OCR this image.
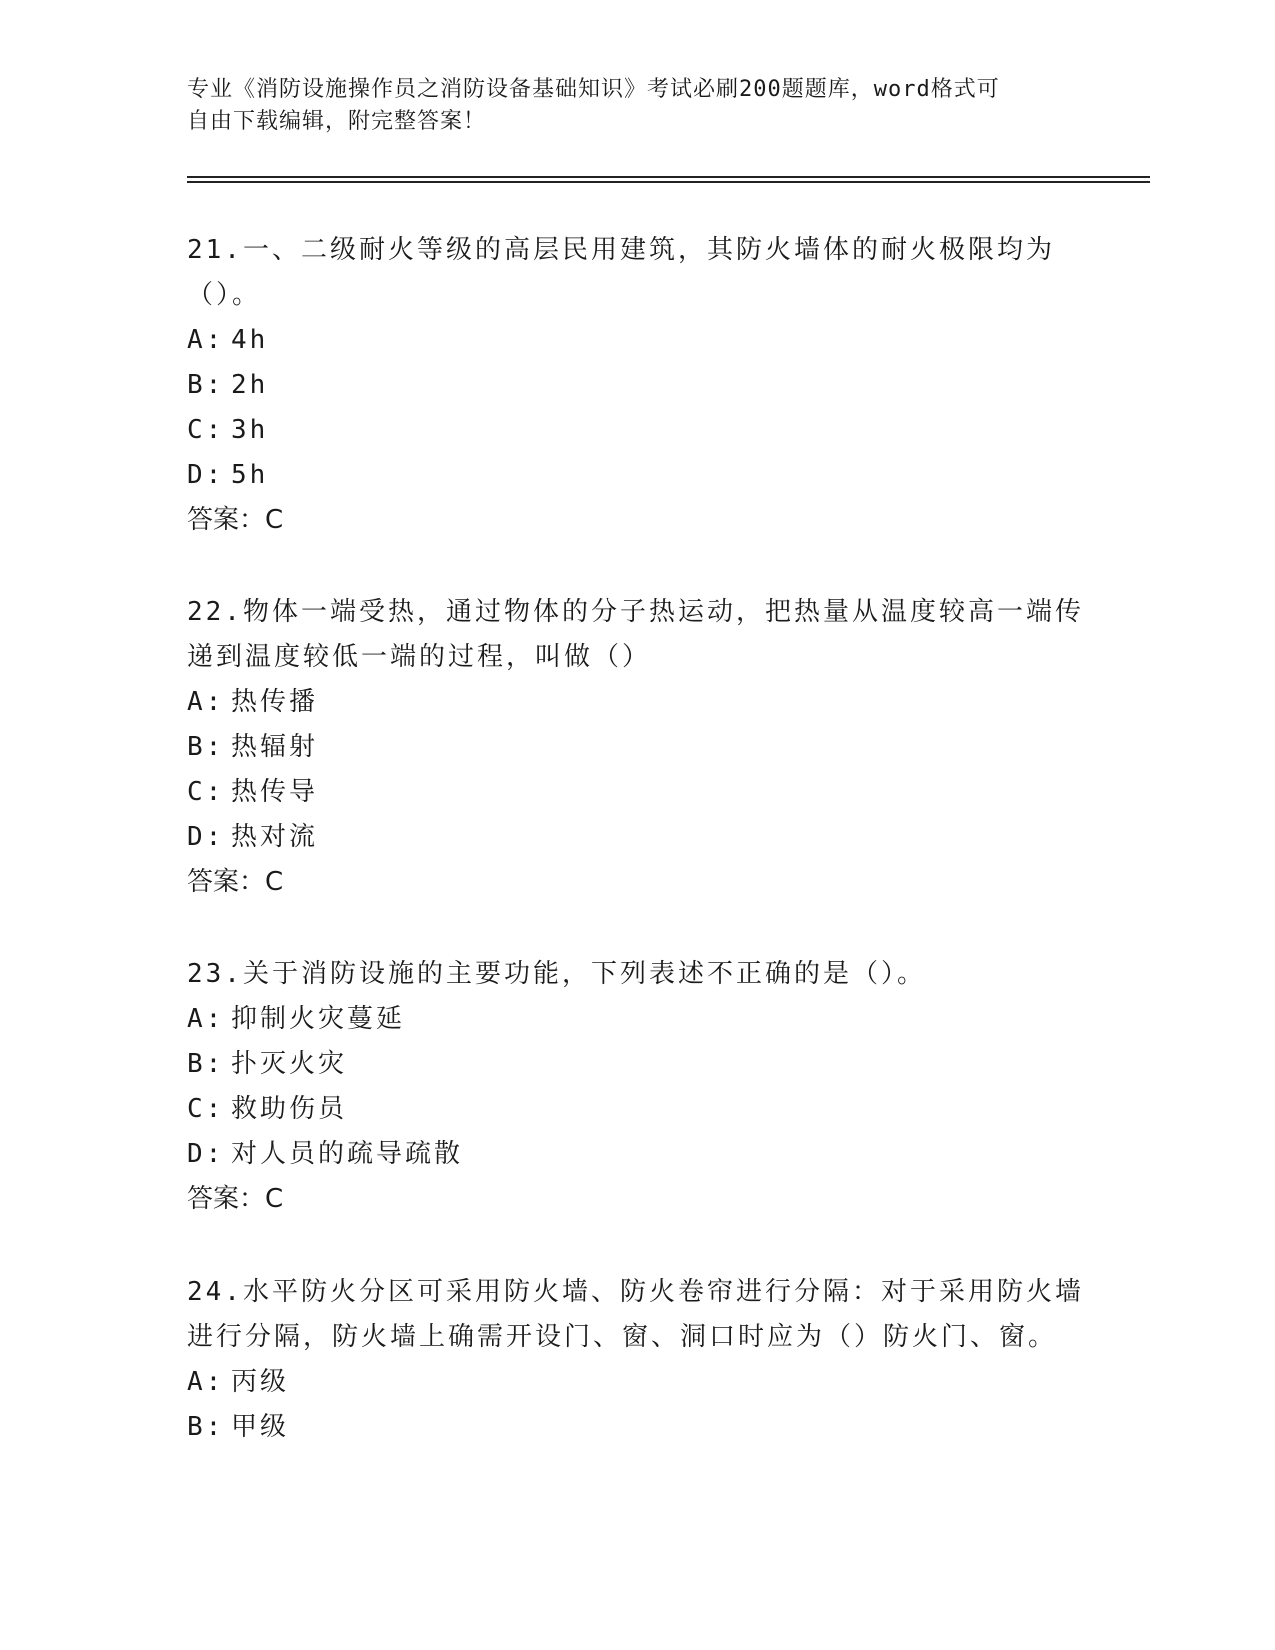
专业《消防设施操作员之消防设备基础知识》考试必刷200题题库，word格式可
自由下载编辑，附完整答案！

21.一、二级耐火等级的高层民用建筑，其防火墙体的耐火极限均为（）。

A: 4h
B: 2h
C: 3h
D: 5h
答案：C

22.物体一端受热，通过物体的分子热运动，把热量从温度较高一端传递到温度较低一端的过程，叫做（）

A: 热传播
B: 热辐射
C: 热传导
D: 热对流
答案：C

23.关于消防设施的主要功能，下列表述不正确的是（）。

A: 抑制火灾蔓延
B: 扑灭火灾
C: 救助伤员
D: 对人员的疏导疏散
答案：C

24.水平防火分区可采用防火墙、防火卷帘进行分隔：对于采用防火墙进行分隔，防火墙上确需开设门、窗、洞口时应为（）防火门、窗。

A: 丙级
B: 甲级
